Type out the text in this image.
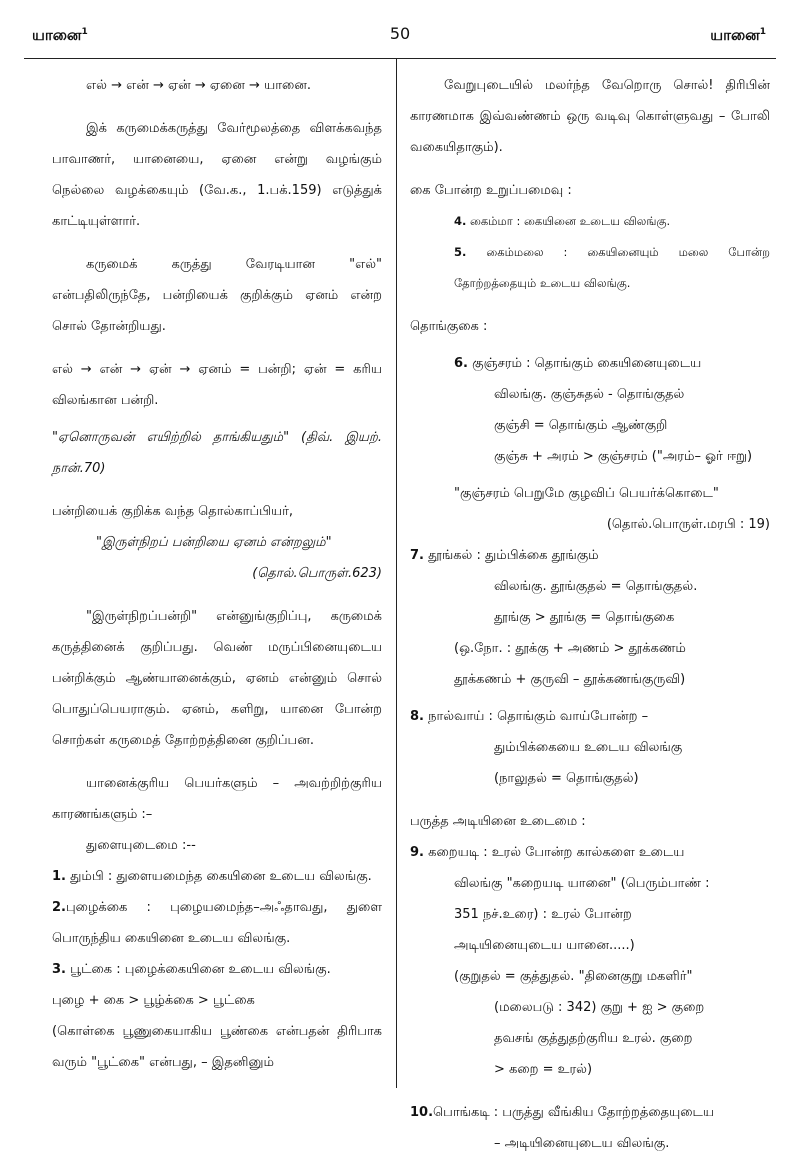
யானை$^1$	50	யானை$^1$

எல் → என் → ஏன் → ஏனை → யானை.

இக் கருமைக்கருத்து வேர்மூலத்தை விளக்கவந்த பாவாணர், யானையை, ஏனை என்று வழங்கும் நெல்லை வழக்கையும் (வே.க., 1.பக்.159) எடுத்துக் காட்டியுள்ளார்.

கருமைக் கருத்து வேரடியான "எல்" என்பதிலிருந்தே, பன்றியைக் குறிக்கும் ஏனம் என்ற சொல் தோன்றியது.

எல் → என் → ஏன் → ஏனம் = பன்றி; ஏன் = கரிய விலங்கான பன்றி.

"ஏனொருவன் எயிற்றில் தாங்கியதும்" (திவ். இயற். நான்.70)

பன்றியைக் குறிக்க வந்த தொல்காப்பியர்,

"இருள்நிறப் பன்றியை ஏனம் என்றலும்"

(தொல்.பொருள்.623)

"இருள்நிறப்பன்றி" என்னுங்குறிப்பு, கருமைக் கருத்தினைக் குறிப்பது. வெண் மருப்பினையுடைய பன்றிக்கும் ஆண்யானைக்கும், ஏனம் என்னும் சொல் பொதுப்பெயராகும். ஏனம், களிறு, யானை போன்ற சொற்கள் கருமைத் தோற்றத்தினை குறிப்பன.

யானைக்குரிய பெயர்களும் – அவற்றிற்குரிய காரணங்களும் :–

துளையுடைமை :--

1. தும்பி : துளையமைந்த கையினை உடைய விலங்கு.

2.புழைக்கை : புழையமைந்த–அஃதாவது, துளை பொருந்திய கையினை உடைய விலங்கு.

3. பூட்கை : புழைக்கையினை உடைய விலங்கு.

புழை + கை > பூழ்க்கை > பூட்கை

(கொள்கை பூணுகையாகிய பூண்கை என்பதன் திரிபாக வரும் "பூட்கை" என்பது, – இதனினும்

வேறுபுடையில் மலர்ந்த வேறொரு சொல்! திரிபின் காரணமாக இவ்வண்ணம் ஒரு வடிவு கொள்ளுவது – போலி வகையிதாகும்).

கை போன்ற உறுப்பமைவு :

4. கைம்மா : கையினை உடைய விலங்கு.

5. கைம்மலை : கையினையும் மலை போன்ற தோற்றத்தையும் உடைய விலங்கு.

தொங்குகை :

6. குஞ்சரம் : தொங்கும் கையினையுடைய

விலங்கு. குஞ்சுதல் - தொங்குதல்

குஞ்சி = தொங்கும் ஆண்குறி

குஞ்சு + அரம் > குஞ்சரம் ("அரம்– ஓர் ஈறு)

"குஞ்சரம் பெறுமே குழவிப் பெயர்க்கொடை"

(தொல்.பொருள்.மரபி : 19)

7. தூங்கல் : தும்பிக்கை தூங்கும்

விலங்கு. தூங்குதல் = தொங்குதல்.

தூங்கு > தூங்கு = தொங்குகை

(ஒ.நோ. : தூக்கு + அணம் > தூக்கணம்

தூக்கணம் + குருவி – தூக்கணங்குருவி)

8. நால்வாய் : தொங்கும் வாய்போன்ற –

தும்பிக்கையை உடைய விலங்கு

(நாலுதல் = தொங்குதல்)

பருத்த அடியினை உடைமை :

9. கறையடி : உரல் போன்ற கால்களை உடைய

விலங்கு "கறையடி யானை" (பெரும்பாண் :

351 நச்.உரை) : உரல் போன்ற

அடியினையுடைய யானை.....)

(குறுதல் = குத்துதல். "தினைகுறு மகளிர்"

(மலைபடு : 342) குறு + ஐ > குறை

தவசங் குத்துதற்குரிய உரல். குறை

> கறை = உரல்)

10.பொங்கடி : பருத்து வீங்கிய தோற்றத்தையுடைய

– அடியினையுடைய விலங்கு.
